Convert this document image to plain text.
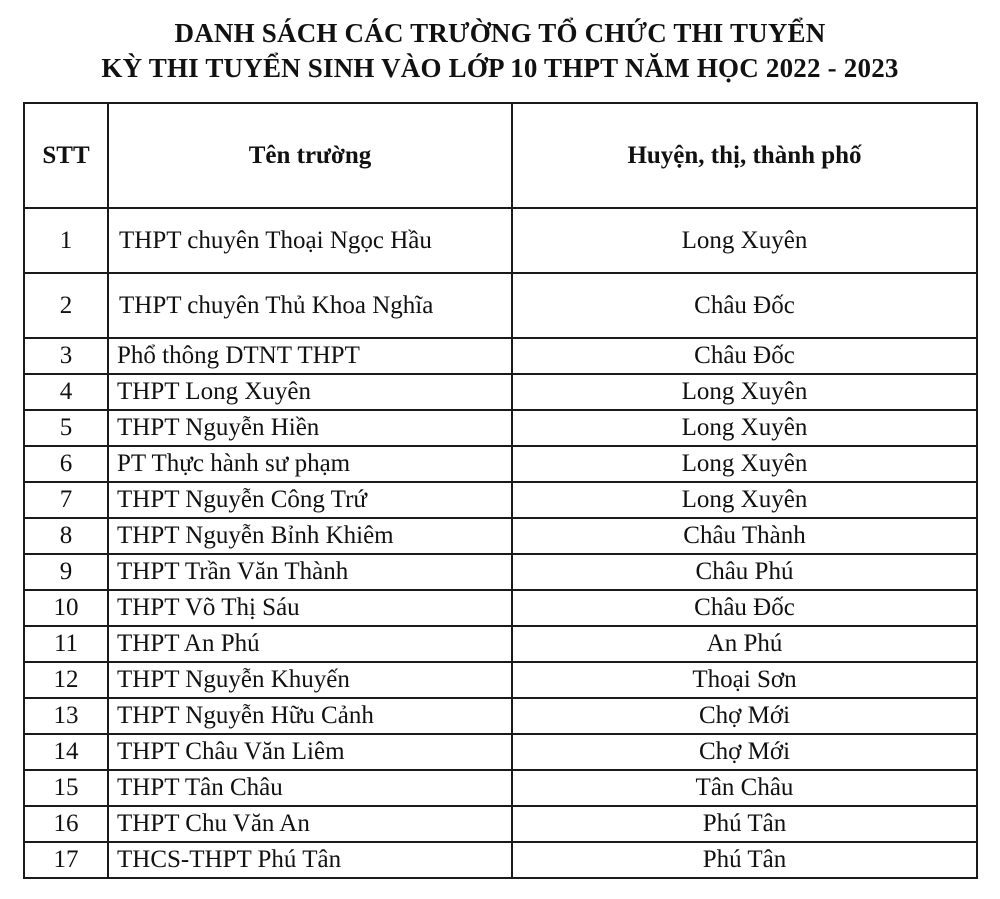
DANH SÁCH CÁC TRƯỜNG TỔ CHỨC THI TUYỂN
KỲ THI TUYỂN SINH VÀO LỚP 10 THPT NĂM HỌC 2022 - 2023
STT	Tên trường	Huyện, thị, thành phố
1	THPT chuyên Thoại Ngọc Hầu	Long Xuyên
2	THPT chuyên Thủ Khoa Nghĩa	Châu Đốc
3	Phổ thông DTNT THPT	Châu Đốc
4	THPT Long Xuyên	Long Xuyên
5	THPT Nguyễn Hiền	Long Xuyên
6	PT Thực hành sư phạm	Long Xuyên
7	THPT Nguyễn Công Trứ	Long Xuyên
8	THPT Nguyễn Bỉnh Khiêm	Châu Thành
9	THPT Trần Văn Thành	Châu Phú
10	THPT Võ Thị Sáu	Châu Đốc
11	THPT An Phú	An Phú
12	THPT Nguyễn Khuyến	Thoại Sơn
13	THPT Nguyễn Hữu Cảnh	Chợ Mới
14	THPT Châu Văn Liêm	Chợ Mới
15	THPT Tân Châu	Tân Châu
16	THPT Chu Văn An	Phú Tân
17	THCS-THPT Phú Tân	Phú Tân
